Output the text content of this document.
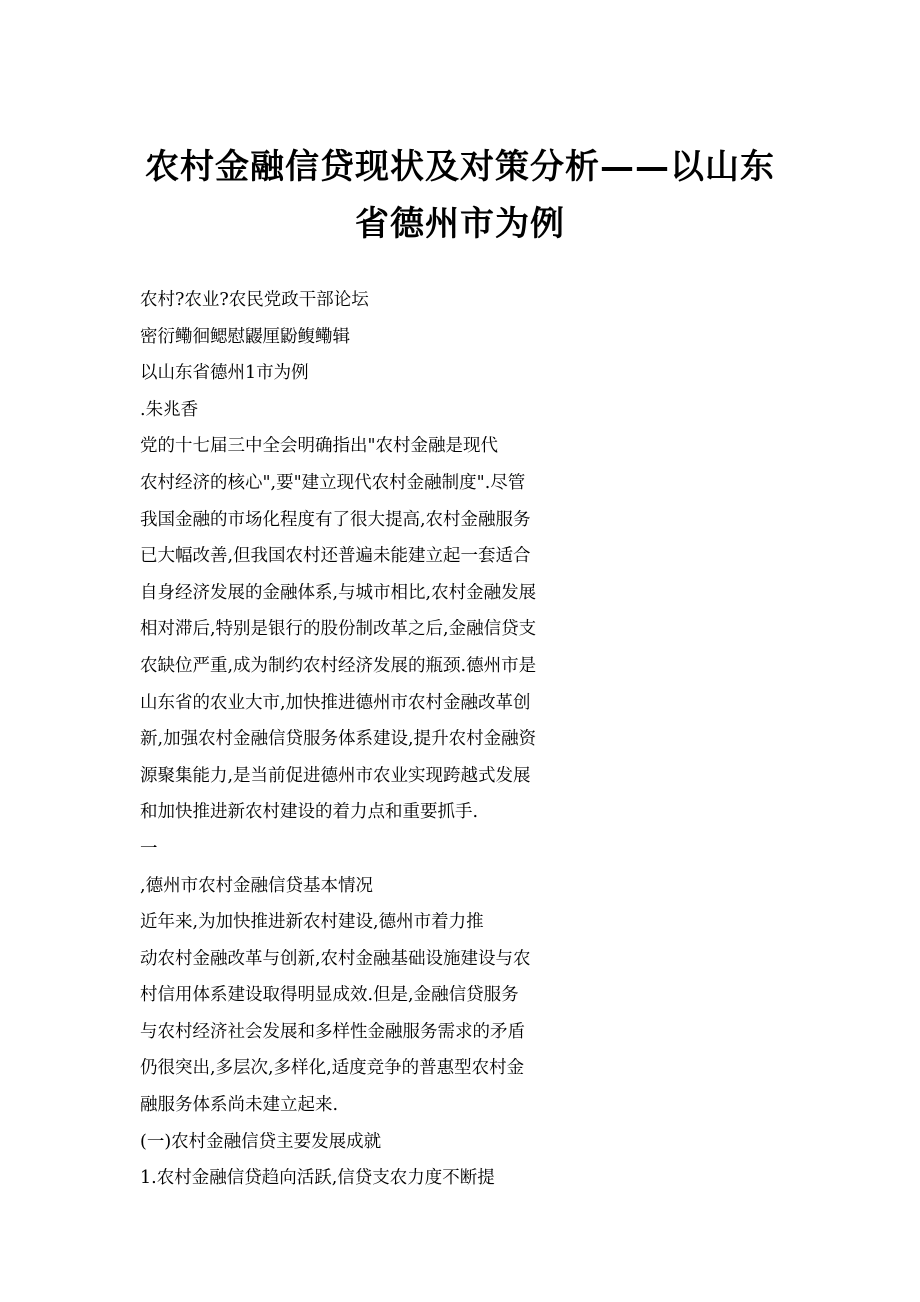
农村金融信贷现状及对策分析——以山东
省德州市为例
农村?农业?农民党政干部论坛
密衍鳓徊鳃慰鼹厘鼢鳆鳓辑
以山东省德州1市为例
.朱兆香
党的十七届三中全会明确指出"农村金融是现代
农村经济的核心",要"建立现代农村金融制度".尽管
我国金融的市场化程度有了很大提高,农村金融服务
已大幅改善,但我国农村还普遍未能建立起一套适合
自身经济发展的金融体系,与城市相比,农村金融发展
相对滞后,特别是银行的股份制改革之后,金融信贷支
农缺位严重,成为制约农村经济发展的瓶颈.德州市是
山东省的农业大市,加快推进德州市农村金融改革创
新,加强农村金融信贷服务体系建设,提升农村金融资
源聚集能力,是当前促进德州市农业实现跨越式发展
和加快推进新农村建设的着力点和重要抓手.
一
,德州市农村金融信贷基本情况
近年来,为加快推进新农村建设,德州市着力推
动农村金融改革与创新,农村金融基础设施建设与农
村信用体系建设取得明显成效.但是,金融信贷服务
与农村经济社会发展和多样性金融服务需求的矛盾
仍很突出,多层次,多样化,适度竞争的普惠型农村金
融服务体系尚未建立起来.
(一)农村金融信贷主要发展成就
1.农村金融信贷趋向活跃,信贷支农力度不断提
